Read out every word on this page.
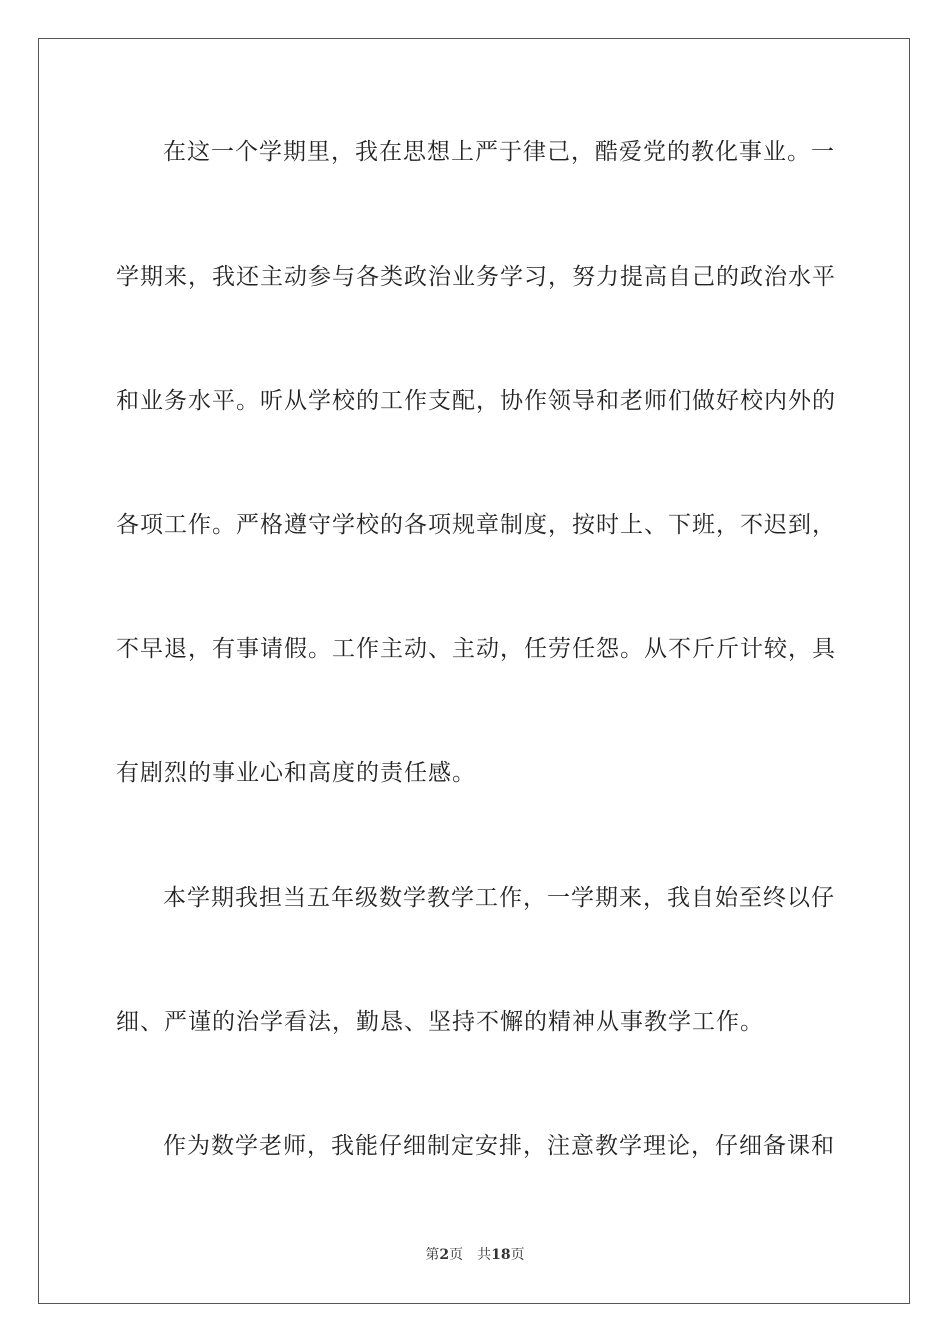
在这一个学期里，我在思想上严于律己，酷爱党的教化事业。一
学期来，我还主动参与各类政治业务学习，努力提高自己的政治水平
和业务水平。听从学校的工作支配，协作领导和老师们做好校内外的
各项工作。严格遵守学校的各项规章制度，按时上、下班，不迟到，
不早退，有事请假。工作主动、主动，任劳任怨。从不斤斤计较，具
有剧烈的事业心和高度的责任感。
本学期我担当五年级数学教学工作，一学期来，我自始至终以仔
细、严谨的治学看法，勤恳、坚持不懈的精神从事教学工作。
作为数学老师，我能仔细制定安排，注意教学理论，仔细备课和
第2页 共18页
